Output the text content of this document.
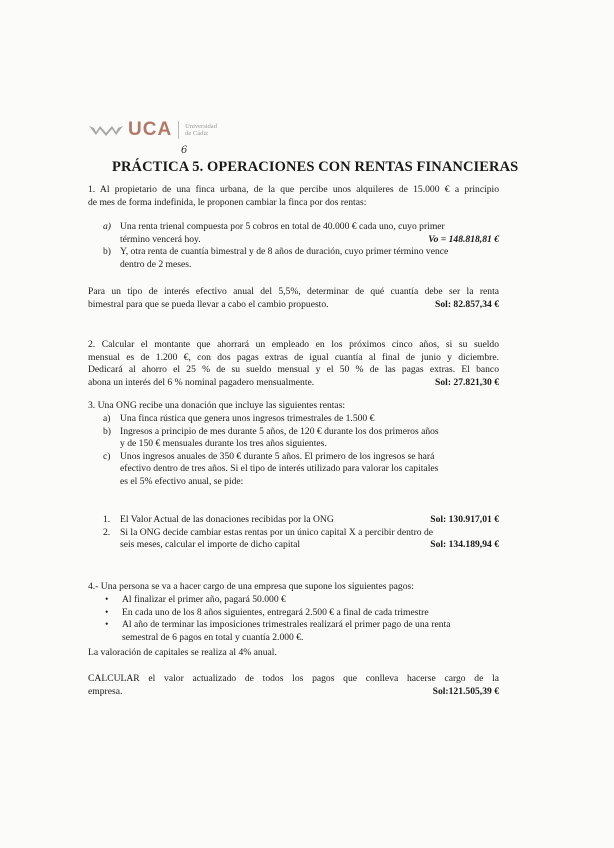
UCA Universidad
de Cádiz
6
PRÁCTICA 5. OPERACIONES CON RENTAS FINANCIERAS
1. Al propietario de una finca urbana, de la que percibe unos alquileres de 15.000 € a principio
de mes de forma indefinida, le proponen cambiar la finca por dos rentas:
a) Una renta trienal compuesta por 5 cobros en total de 40.000 € cada uno, cuyo primer
término vencerá hoy.	Vo = 148.818,81 €
b) Y, otra renta de cuantía bimestral y de 8 años de duración, cuyo primer término vence
dentro de 2 meses.
Para un tipo de interés efectivo anual del 5,5%, determinar de qué cuantía debe ser la renta
bimestral para que se pueda llevar a cabo el cambio propuesto.	Sol: 82.857,34 €
2. Calcular el montante que ahorrará un empleado en los próximos cinco años, si su sueldo
mensual es de 1.200 €, con dos pagas extras de igual cuantía al final de junio y diciembre.
Dedicará al ahorro el 25 % de su sueldo mensual y el 50 % de las pagas extras. El banco
abona un interés del 6 % nominal pagadero mensualmente.	Sol: 27.821,30 €
3. Una ONG recibe una donación que incluye las siguientes rentas:
a) Una finca rústica que genera unos ingresos trimestrales de 1.500 €
b) Ingresos a principio de mes durante 5 años, de 120 € durante los dos primeros años
y de 150 € mensuales durante los tres años siguientes.
c) Unos ingresos anuales de 350 € durante 5 años. El primero de los ingresos se hará
efectivo dentro de tres años. Si el tipo de interés utilizado para valorar los capitales
es el 5% efectivo anual, se pide:
1. El Valor Actual de las donaciones recibidas por la ONG	Sol: 130.917,01 €
2. Si la ONG decide cambiar estas rentas por un único capital X a percibir dentro de
seis meses, calcular el importe de dicho capital	Sol: 134.189,94 €
4.- Una persona se va a hacer cargo de una empresa que supone los siguientes pagos:
• Al finalizar el primer año, pagará 50.000 €
• En cada uno de los 8 años siguientes, entregará 2.500 € a final de cada trimestre
• Al año de terminar las imposiciones trimestrales realizará el primer pago de una renta
semestral de 6 pagos en total y cuantía 2.000 €.
La valoración de capitales se realiza al 4% anual.
CALCULAR el valor actualizado de todos los pagos que conlleva hacerse cargo de la
empresa.	Sol:121.505,39 €
